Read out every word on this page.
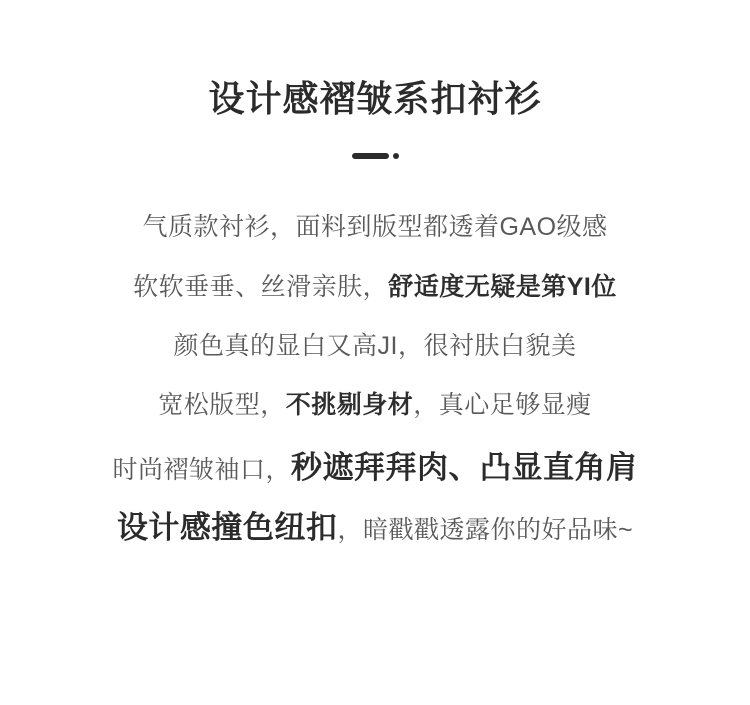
设计感褶皱系扣衬衫

气质款衬衫，面料到版型都透着GAO级感

软软垂垂、丝滑亲肤，舒适度无疑是第YI位

颜色真的显白又高JI，很衬肤白貌美

宽松版型，不挑剔身材，真心足够显瘦

时尚褶皱袖口，秒遮拜拜肉、凸显直角肩

设计感撞色纽扣，暗戳戳透露你的好品味~
